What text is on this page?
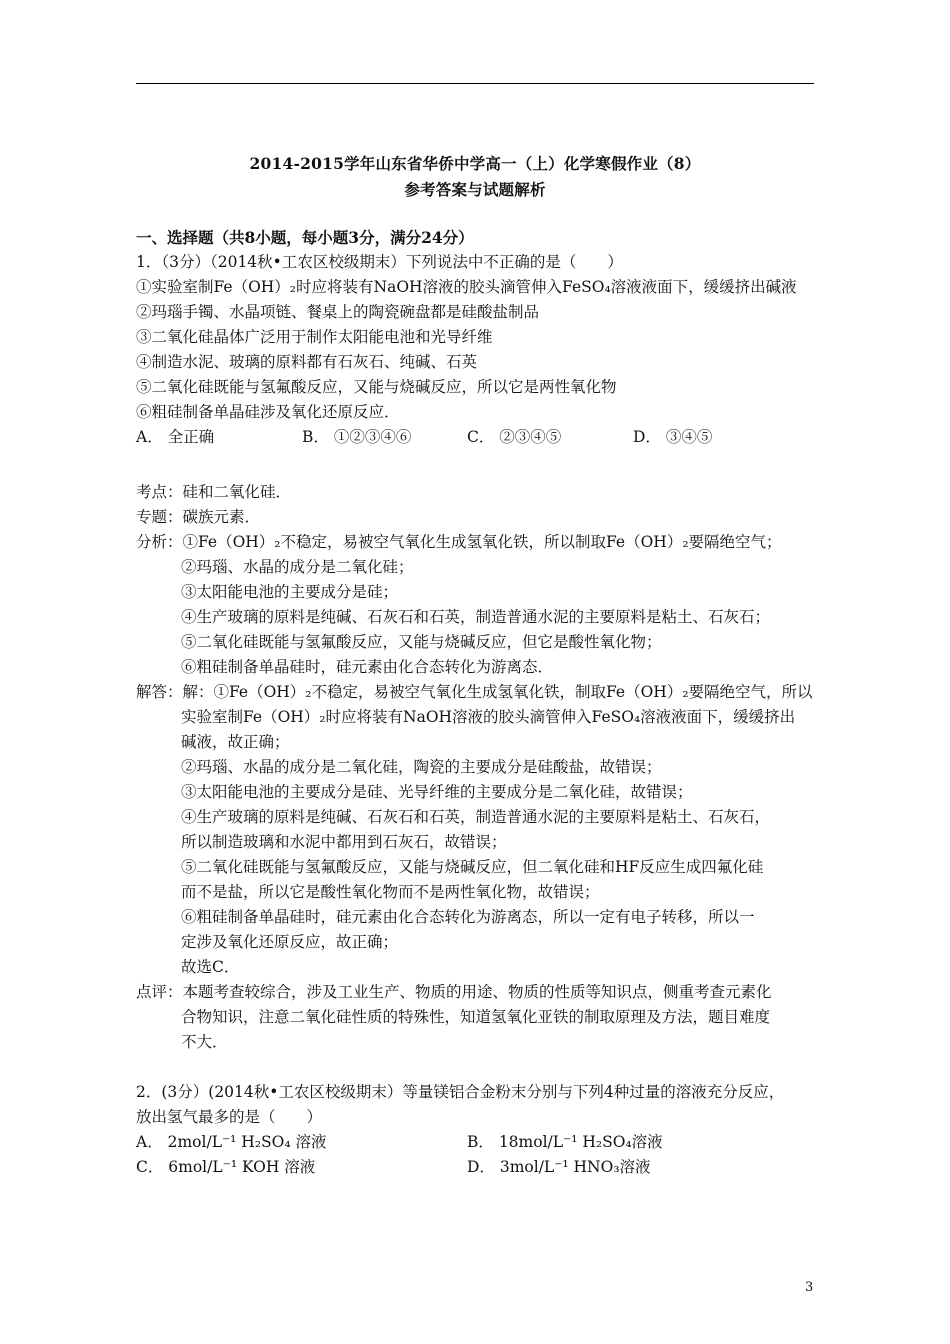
2014-2015学年山东省华侨中学高一（上）化学寒假作业（8）
参考答案与试题解析
一、选择题（共8小题，每小题3分，满分24分）
1．（3分）（2014秋•工农区校级期末）下列说法中不正确的是（　　）
①实验室制Fe（OH）₂时应将装有NaOH溶液的胶头滴管伸入FeSO₄溶液液面下，缓缓挤出碱液
②玛瑙手镯、水晶项链、餐桌上的陶瓷碗盘都是硅酸盐制品
③二氧化硅晶体广泛用于制作太阳能电池和光导纤维
④制造水泥、玻璃的原料都有石灰石、纯碱、石英
⑤二氧化硅既能与氢氟酸反应，又能与烧碱反应，所以它是两性氧化物
⑥粗硅制备单晶硅涉及氧化还原反应．
A． 全正确	B． ①②③④⑥	C． ②③④⑤	D． ③④⑤
考点：硅和二氧化硅．
专题：碳族元素．
分析：①Fe（OH）₂不稳定，易被空气氧化生成氢氧化铁，所以制取Fe（OH）₂要隔绝空气；
②玛瑙、水晶的成分是二氧化硅；
③太阳能电池的主要成分是硅；
④生产玻璃的原料是纯碱、石灰石和石英，制造普通水泥的主要原料是粘土、石灰石；
⑤二氧化硅既能与氢氟酸反应，又能与烧碱反应，但它是酸性氧化物；
⑥粗硅制备单晶硅时，硅元素由化合态转化为游离态．
解答：解：①Fe（OH）₂不稳定，易被空气氧化生成氢氧化铁，制取Fe（OH）₂要隔绝空气，所以
实验室制Fe（OH）₂时应将装有NaOH溶液的胶头滴管伸入FeSO₄溶液液面下，缓缓挤出
碱液，故正确；
②玛瑙、水晶的成分是二氧化硅，陶瓷的主要成分是硅酸盐，故错误；
③太阳能电池的主要成分是硅、光导纤维的主要成分是二氧化硅，故错误；
④生产玻璃的原料是纯碱、石灰石和石英，制造普通水泥的主要原料是粘土、石灰石，
所以制造玻璃和水泥中都用到石灰石，故错误；
⑤二氧化硅既能与氢氟酸反应，又能与烧碱反应，但二氧化硅和HF反应生成四氟化硅
而不是盐，所以它是酸性氧化物而不是两性氧化物，故错误；
⑥粗硅制备单晶硅时，硅元素由化合态转化为游离态，所以一定有电子转移，所以一
定涉及氧化还原反应，故正确；
故选C．
点评：本题考查较综合，涉及工业生产、物质的用途、物质的性质等知识点，侧重考查元素化
合物知识，注意二氧化硅性质的特殊性，知道氢氧化亚铁的制取原理及方法，题目难度
不大．
2．(3分）(2014秋•工农区校级期末）等量镁铝合金粉末分别与下列4种过量的溶液充分反应，
放出氢气最多的是（　　）
A． 2mol/L⁻¹ H₂SO₄ 溶液	B． 18mol/L⁻¹ H₂SO₄溶液
C． 6mol/L⁻¹ KOH 溶液	D． 3mol/L⁻¹ HNO₃溶液
3
